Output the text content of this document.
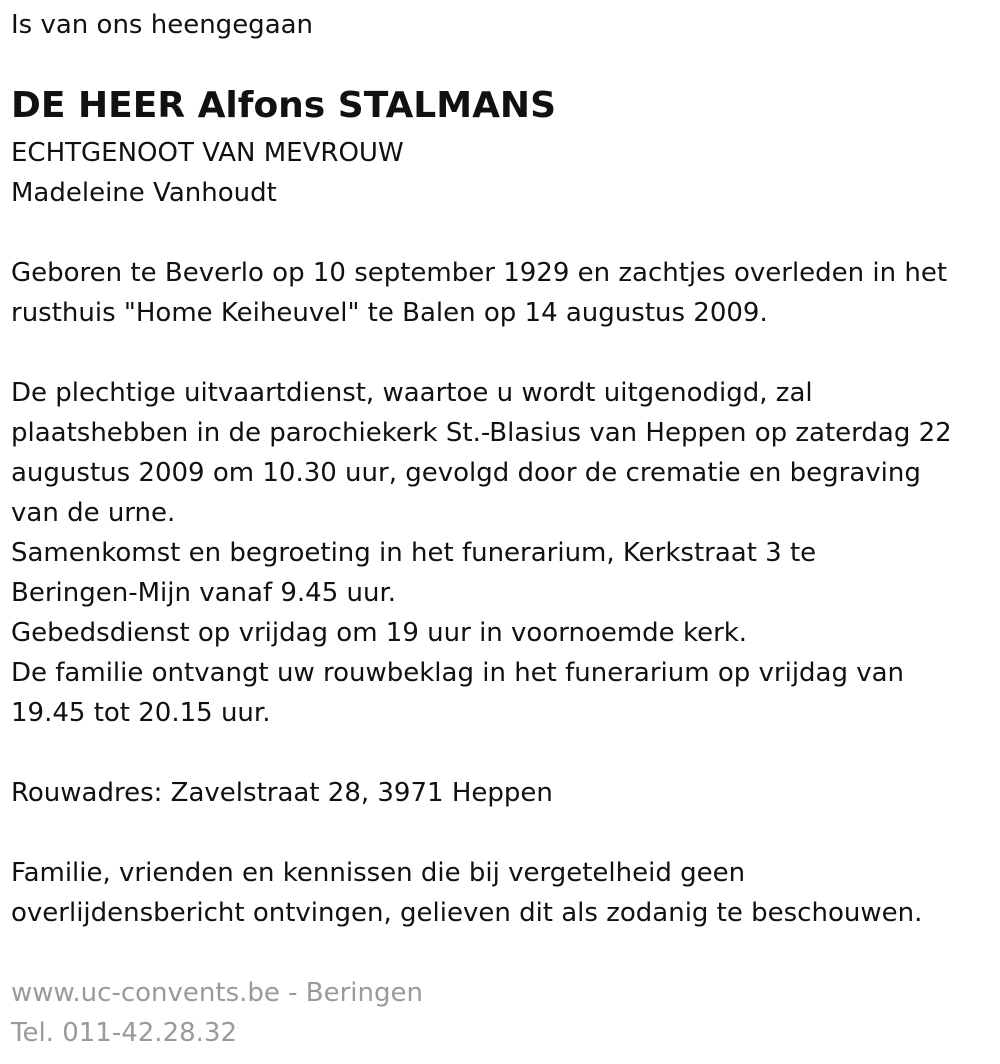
Is van ons heengegaan
DE HEER Alfons STALMANS
ECHTGENOOT VAN MEVROUW
Madeleine Vanhoudt
Geboren te Beverlo op 10 september 1929 en zachtjes overleden in het
rusthuis "Home Keiheuvel" te Balen op 14 augustus 2009.
De plechtige uitvaartdienst, waartoe u wordt uitgenodigd, zal
plaatshebben in de parochiekerk St.-Blasius van Heppen op zaterdag 22
augustus 2009 om 10.30 uur, gevolgd door de crematie en begraving
van de urne.
Samenkomst en begroeting in het funerarium, Kerkstraat 3 te
Beringen-Mijn vanaf 9.45 uur.
Gebedsdienst op vrijdag om 19 uur in voornoemde kerk.
De familie ontvangt uw rouwbeklag in het funerarium op vrijdag van
19.45 tot 20.15 uur.
Rouwadres: Zavelstraat 28, 3971 Heppen
Familie, vrienden en kennissen die bij vergetelheid geen
overlijdensbericht ontvingen, gelieven dit als zodanig te beschouwen.
www.uc-convents.be - Beringen
Tel. 011-42.28.32
